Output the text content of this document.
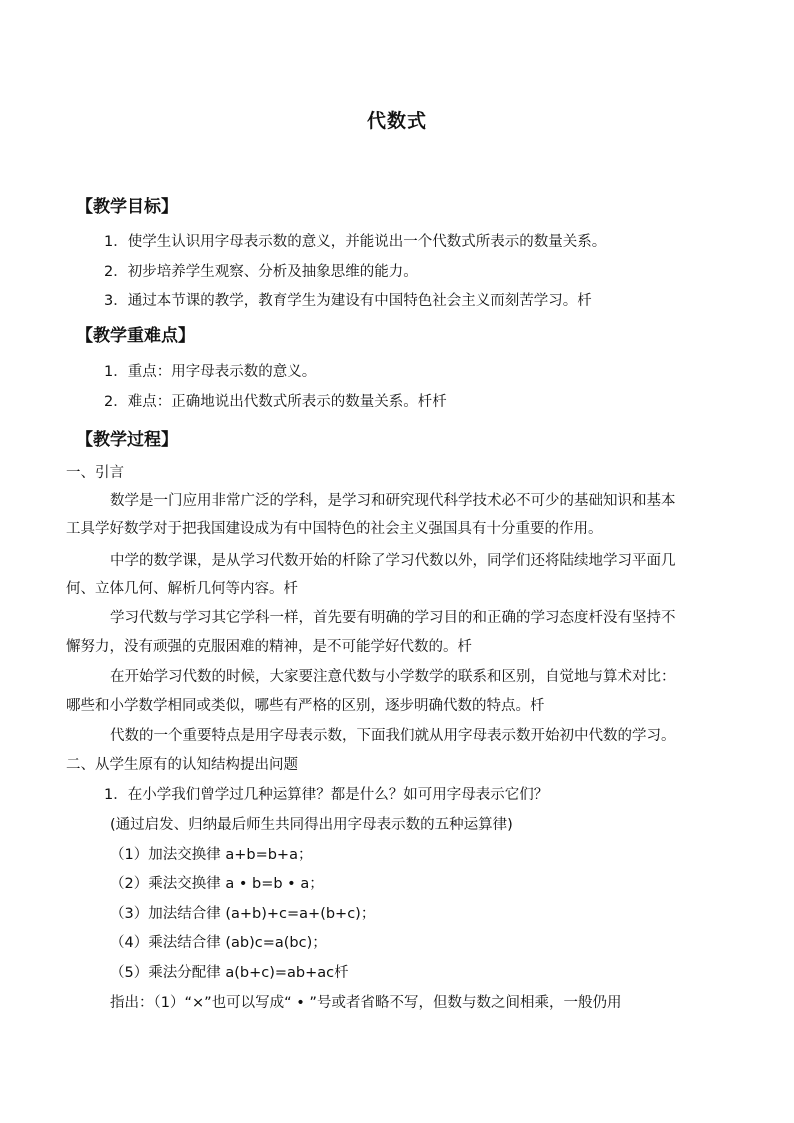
代数式
【教学目标】
1．使学生认识用字母表示数的意义，并能说出一个代数式所表示的数量关系。
2．初步培养学生观察、分析及抽象思维的能力。
3．通过本节课的教学，教育学生为建设有中国特色社会主义而刻苦学习。杄
【教学重难点】
1．重点：用字母表示数的意义。
2．难点：正确地说出代数式所表示的数量关系。杄杄
【教学过程】
一、引言
数学是一门应用非常广泛的学科，是学习和研究现代科学技术必不可少的基础知识和基本
工具学好数学对于把我国建设成为有中国特色的社会主义强国具有十分重要的作用。
中学的数学课，是从学习代数开始的杄除了学习代数以外，同学们还将陆续地学习平面几
何、立体几何、解析几何等内容。杄
学习代数与学习其它学科一样，首先要有明确的学习目的和正确的学习态度杄没有坚持不
懈努力，没有顽强的克服困难的精神，是不可能学好代数的。杄
在开始学习代数的时候，大家要注意代数与小学数学的联系和区别，自觉地与算术对比：
哪些和小学数学相同或类似，哪些有严格的区别，逐步明确代数的特点。杄
代数的一个重要特点是用字母表示数，下面我们就从用字母表示数开始初中代数的学习。
二、从学生原有的认知结构提出问题
1．在小学我们曾学过几种运算律？都是什么？如可用字母表示它们？
(通过启发、归纳最后师生共同得出用字母表示数的五种运算律)
（1）加法交换律 a+b=b+a；
（2）乘法交换律 a • b=b • a；
（3）加法结合律 (a+b)+c=a+(b+c)；
（4）乘法结合律 (ab)c=a(bc)；
（5）乘法分配律 a(b+c)=ab+ac杄
指出：（1）“×”也可以写成“ • ”号或者省略不写，但数与数之间相乘，一般仍用
